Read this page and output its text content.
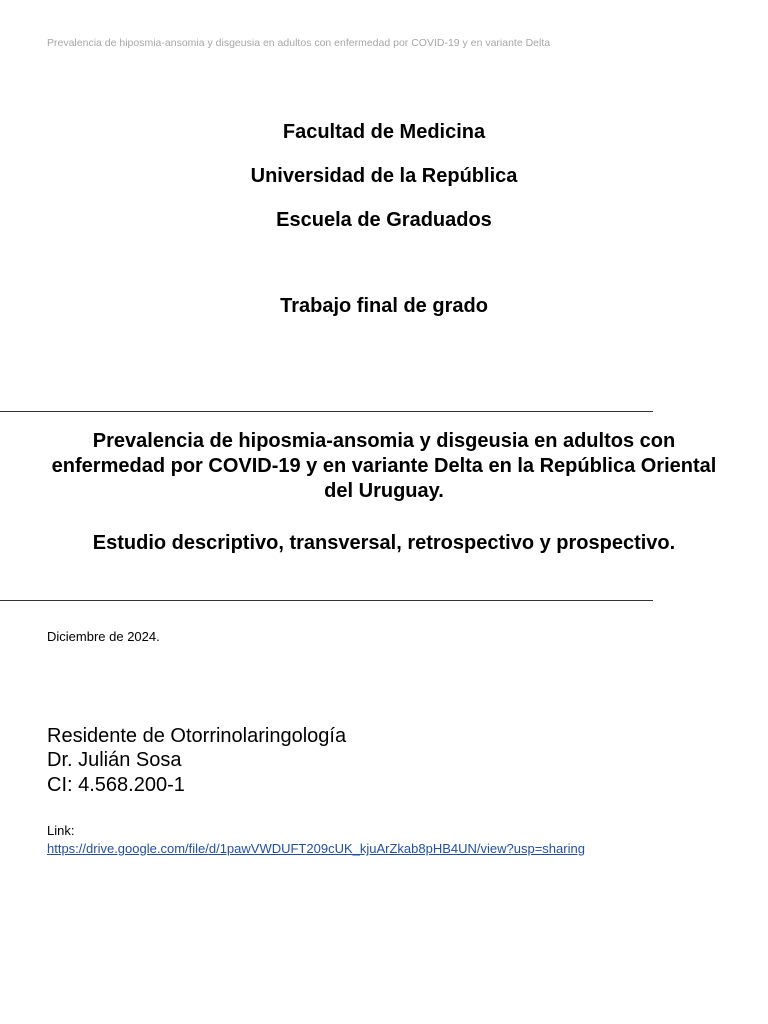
Prevalencia de hiposmia-ansomia y disgeusia en adultos con enfermedad por COVID-19 y en variante Delta
Facultad de Medicina
Universidad de la República
Escuela de Graduados
Trabajo final de grado
Prevalencia de hiposmia-ansomia y disgeusia en adultos con enfermedad por COVID-19 y en variante Delta en la República Oriental del Uruguay.
Estudio descriptivo, transversal, retrospectivo y prospectivo.
Diciembre de 2024.
Residente de Otorrinolaringología
Dr. Julián Sosa
CI: 4.568.200-1
Link:
https://drive.google.com/file/d/1pawVWDUFT209cUK_kjuArZkab8pHB4UN/view?usp=sharing
